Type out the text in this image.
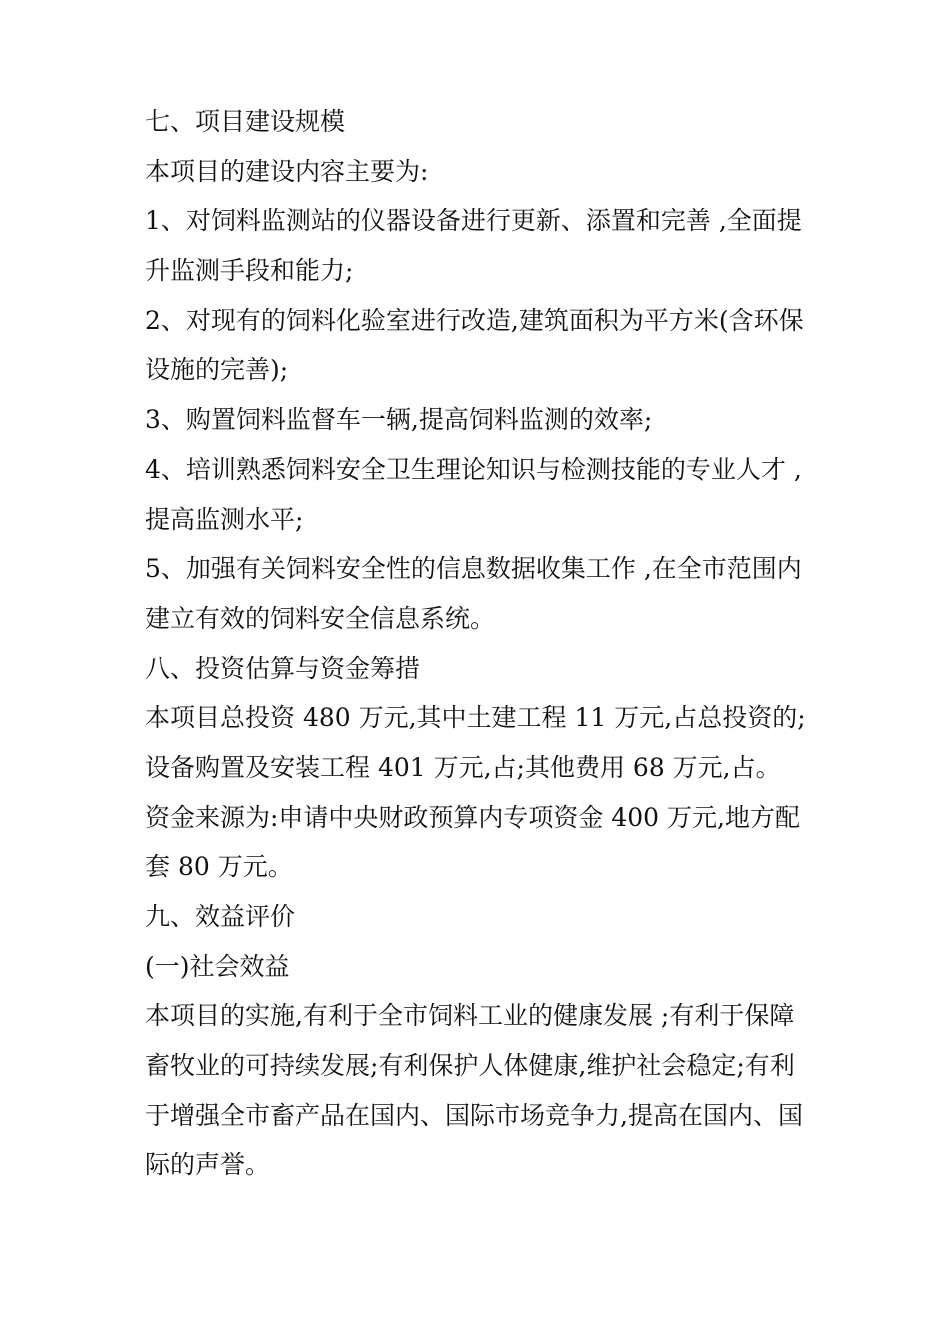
七、项目建设规模
本项目的建设内容主要为:
1、对饲料监测站的仪器设备进行更新、添置和完善 ,全面提
升监测手段和能力;
2、对现有的饲料化验室进行改造,建筑面积为平方米(含环保
设施的完善);
3、购置饲料监督车一辆,提高饲料监测的效率;
4、培训熟悉饲料安全卫生理论知识与检测技能的专业人才 ,
提高监测水平;
5、加强有关饲料安全性的信息数据收集工作 ,在全市范围内
建立有效的饲料安全信息系统。
八、投资估算与资金筹措
本项目总投资 480 万元,其中土建工程 11 万元,占总投资的;
设备购置及安装工程 401 万元,占;其他费用 68 万元,占。
资金来源为:申请中央财政预算内专项资金 400 万元,地方配
套 80 万元。
九、效益评价
(一)社会效益
本项目的实施,有利于全市饲料工业的健康发展 ;有利于保障
畜牧业的可持续发展;有利保护人体健康,维护社会稳定;有利
于增强全市畜产品在国内、国际市场竞争力,提高在国内、国
际的声誉。
